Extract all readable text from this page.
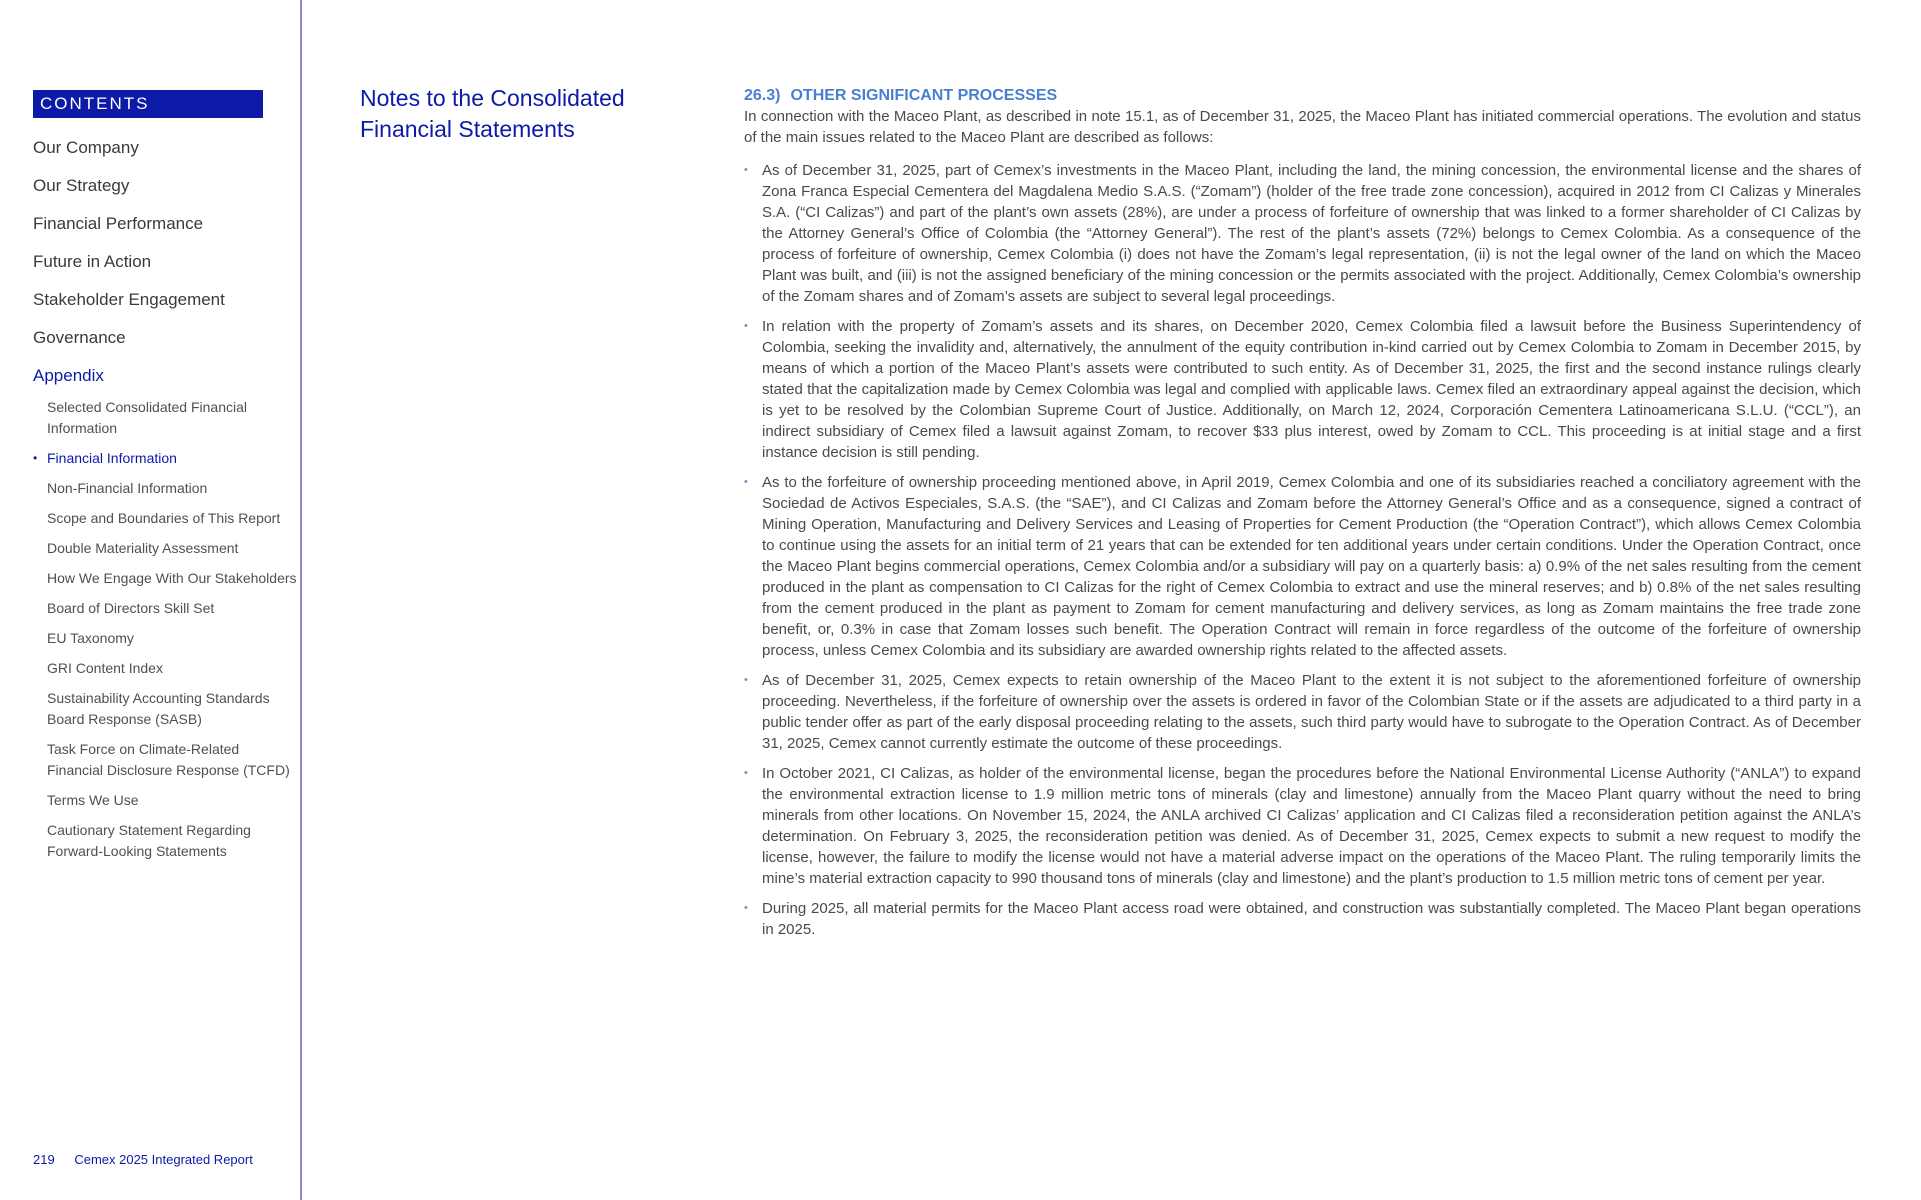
CONTENTS
Our Company
Our Strategy
Financial Performance
Future in Action
Stakeholder Engagement
Governance
Appendix
Selected Consolidated Financial Information
• Financial Information
Non-Financial Information
Scope and Boundaries of This Report
Double Materiality Assessment
How We Engage With Our Stakeholders
Board of Directors Skill Set
EU Taxonomy
GRI Content Index
Sustainability Accounting Standards Board Response (SASB)
Task Force on Climate-Related Financial Disclosure Response (TCFD)
Terms We Use
Cautionary Statement Regarding Forward-Looking Statements
219 Cemex 2025 Integrated Report
Notes to the Consolidated Financial Statements
26.3) OTHER SIGNIFICANT PROCESSES

In connection with the Maceo Plant, as described in note 15.1, as of December 31, 2025, the Maceo Plant has initiated commercial operations. The evolution and status of the main issues related to the Maceo Plant are described as follows:

• As of December 31, 2025, part of Cemex’s investments in the Maceo Plant, including the land, the mining concession, the environmental license and the shares of Zona Franca Especial Cementera del Magdalena Medio S.A.S. (“Zomam”) (holder of the free trade zone concession), acquired in 2012 from CI Calizas y Minerales S.A. (“CI Calizas”) and part of the plant’s own assets (28%), are under a process of forfeiture of ownership that was linked to a former shareholder of CI Calizas by the Attorney General’s Office of Colombia (the “Attorney General”). The rest of the plant’s assets (72%) belongs to Cemex Colombia. As a consequence of the process of forfeiture of ownership, Cemex Colombia (i) does not have the Zomam’s legal representation, (ii) is not the legal owner of the land on which the Maceo Plant was built, and (iii) is not the assigned beneficiary of the mining concession or the permits associated with the project. Additionally, Cemex Colombia’s ownership of the Zomam shares and of Zomam’s assets are subject to several legal proceedings.
• In relation with the property of Zomam’s assets and its shares, on December 2020, Cemex Colombia filed a lawsuit before the Business Superintendency of Colombia, seeking the invalidity and, alternatively, the annulment of the equity contribution in-kind carried out by Cemex Colombia to Zomam in December 2015, by means of which a portion of the Maceo Plant’s assets were contributed to such entity. As of December 31, 2025, the first and the second instance rulings clearly stated that the capitalization made by Cemex Colombia was legal and complied with applicable laws. Cemex filed an extraordinary appeal against the decision, which is yet to be resolved by the Colombian Supreme Court of Justice. Additionally, on March 12, 2024, Corporación Cementera Latinoamericana S.L.U. (“CCL”), an indirect subsidiary of Cemex filed a lawsuit against Zomam, to recover $33 plus interest, owed by Zomam to CCL. This proceeding is at initial stage and a first instance decision is still pending.
• As to the forfeiture of ownership proceeding mentioned above, in April 2019, Cemex Colombia and one of its subsidiaries reached a conciliatory agreement with the Sociedad de Activos Especiales, S.A.S. (the “SAE”), and CI Calizas and Zomam before the Attorney General’s Office and as a consequence, signed a contract of Mining Operation, Manufacturing and Delivery Services and Leasing of Properties for Cement Production (the “Operation Contract”), which allows Cemex Colombia to continue using the assets for an initial term of 21 years that can be extended for ten additional years under certain conditions. Under the Operation Contract, once the Maceo Plant begins commercial operations, Cemex Colombia and/or a subsidiary will pay on a quarterly basis: a) 0.9% of the net sales resulting from the cement produced in the plant as compensation to CI Calizas for the right of Cemex Colombia to extract and use the mineral reserves; and b) 0.8% of the net sales resulting from the cement produced in the plant as payment to Zomam for cement manufacturing and delivery services, as long as Zomam maintains the free trade zone benefit, or, 0.3% in case that Zomam losses such benefit. The Operation Contract will remain in force regardless of the outcome of the forfeiture of ownership process, unless Cemex Colombia and its subsidiary are awarded ownership rights related to the affected assets.
• As of December 31, 2025, Cemex expects to retain ownership of the Maceo Plant to the extent it is not subject to the aforementioned forfeiture of ownership proceeding. Nevertheless, if the forfeiture of ownership over the assets is ordered in favor of the Colombian State or if the assets are adjudicated to a third party in a public tender offer as part of the early disposal proceeding relating to the assets, such third party would have to subrogate to the Operation Contract. As of December 31, 2025, Cemex cannot currently estimate the outcome of these proceedings.
• In October 2021, CI Calizas, as holder of the environmental license, began the procedures before the National Environmental License Authority (“ANLA”) to expand the environmental extraction license to 1.9 million metric tons of minerals (clay and limestone) annually from the Maceo Plant quarry without the need to bring minerals from other locations. On November 15, 2024, the ANLA archived CI Calizas’ application and CI Calizas filed a reconsideration petition against the ANLA’s determination. On February 3, 2025, the reconsideration petition was denied. As of December 31, 2025, Cemex expects to submit a new request to modify the license, however, the failure to modify the license would not have a material adverse impact on the operations of the Maceo Plant. The ruling temporarily limits the mine’s material extraction capacity to 990 thousand tons of minerals (clay and limestone) and the plant’s production to 1.5 million metric tons of cement per year.
• During 2025, all material permits for the Maceo Plant access road were obtained, and construction was substantially completed. The Maceo Plant began operations in 2025.
